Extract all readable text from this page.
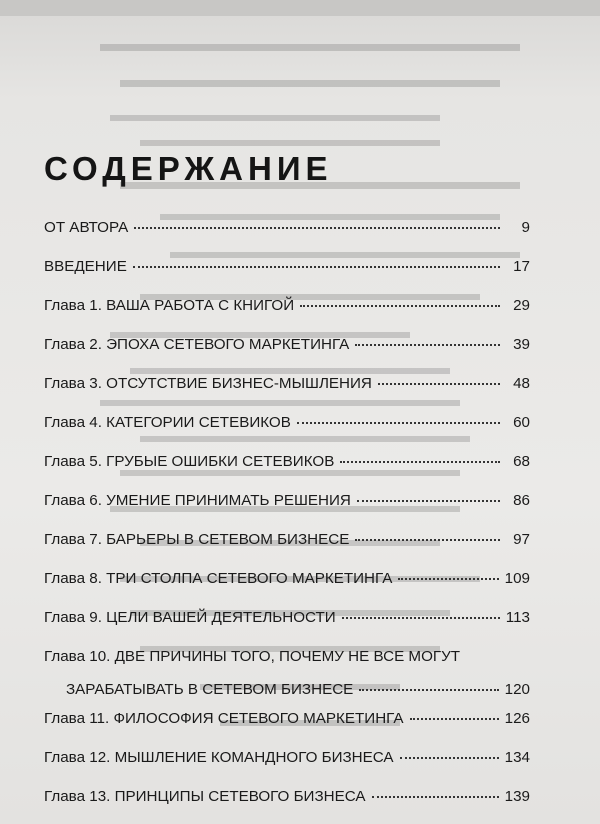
СОДЕРЖАНИЕ
ОТ АВТОРА	9
ВВЕДЕНИЕ	17
Глава 1. ВАША РАБОТА С КНИГОЙ	29
Глава 2. ЭПОХА СЕТЕВОГО МАРКЕТИНГА	39
Глава 3. ОТСУТСТВИЕ БИЗНЕС-МЫШЛЕНИЯ	48
Глава 4. КАТЕГОРИИ СЕТЕВИКОВ	60
Глава 5. ГРУБЫЕ ОШИБКИ СЕТЕВИКОВ	68
Глава 6. УМЕНИЕ ПРИНИМАТЬ РЕШЕНИЯ	86
Глава 7. БАРЬЕРЫ В СЕТЕВОМ БИЗНЕСЕ	97
Глава 8. ТРИ СТОЛПА СЕТЕВОГО МАРКЕТИНГА	109
Глава 9. ЦЕЛИ ВАШЕЙ ДЕЯТЕЛЬНОСТИ	113
Глава 10. ДВЕ ПРИЧИНЫ ТОГО, ПОЧЕМУ НЕ ВСЕ МОГУТ
ЗАРАБАТЫВАТЬ В СЕТЕВОМ БИЗНЕСЕ	120
Глава 11. ФИЛОСОФИЯ СЕТЕВОГО МАРКЕТИНГА	126
Глава 12. МЫШЛЕНИЕ КОМАНДНОГО БИЗНЕСА	134
Глава 13. ПРИНЦИПЫ СЕТЕВОГО БИЗНЕСА	139
